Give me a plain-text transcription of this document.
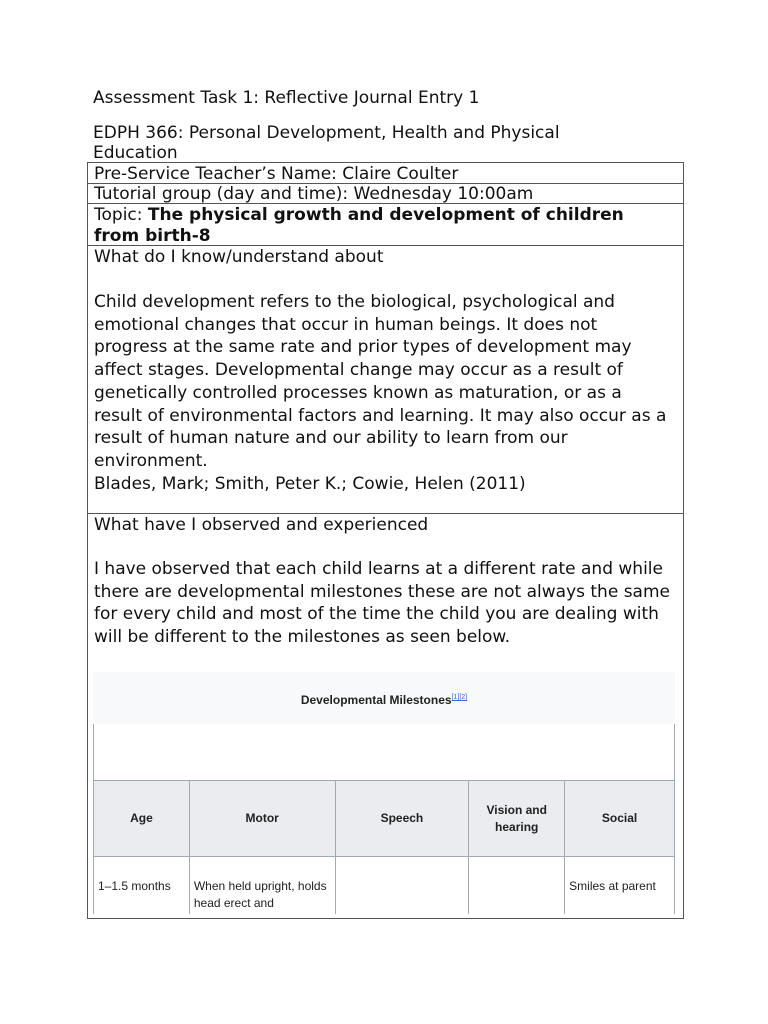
Assessment Task 1: Reflective Journal Entry 1
EDPH 366: Personal Development, Health and Physical
Education
Pre-Service Teacher’s Name: Claire Coulter
Tutorial group (day and time): Wednesday 10:00am
Topic: The physical growth and development of children
from birth-8
What do I know/understand about

Child development refers to the biological, psychological and emotional changes that occur in human beings. It does not progress at the same rate and prior types of development may affect stages. Developmental change may occur as a result of genetically controlled processes known as maturation, or as a result of environmental factors and learning. It may also occur as a result of human nature and our ability to learn from our environment.

Blades, Mark; Smith, Peter K.; Cowie, Helen (2011)

What have I observed and experienced

I have observed that each child learns at a different rate and while there are developmental milestones these are not always the same for every child and most of the time the child you are dealing with will be different to the milestones as seen below.

Developmental Milestones[1][2]
Age	Motor	Speech	Vision and hearing	Social
1–1.5 months	When held upright, holds head erect and			Smiles at parent
